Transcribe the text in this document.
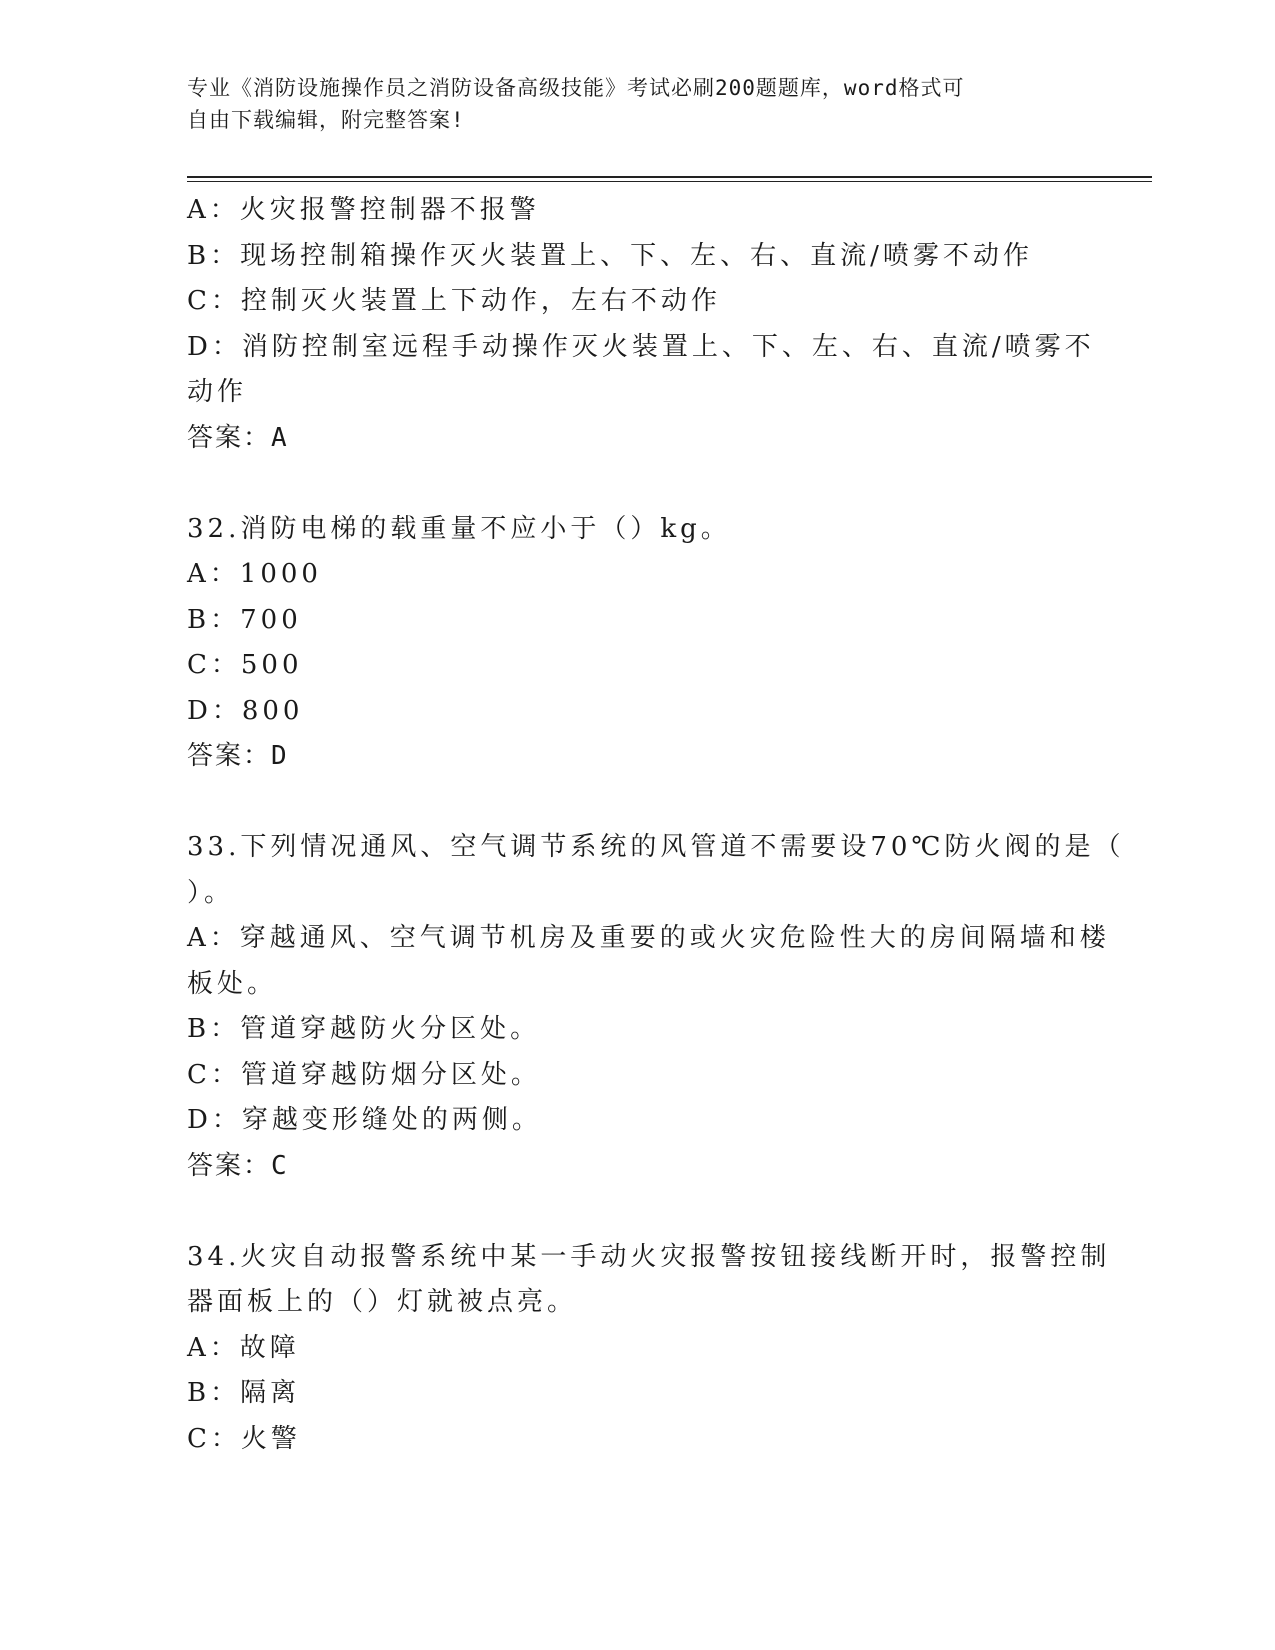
专业《消防设施操作员之消防设备高级技能》考试必刷200题题库，word格式可
自由下载编辑，附完整答案!
A：火灾报警控制器不报警
B：现场控制箱操作灭火装置上、下、左、右、直流/喷雾不动作
C：控制灭火装置上下动作，左右不动作
D：消防控制室远程手动操作灭火装置上、下、左、右、直流/喷雾不
动作
答案：A
32.消防电梯的载重量不应小于（）kg。
A：1000
B：700
C：500
D：800
答案：D
33.下列情况通风、空气调节系统的风管道不需要设70℃防火阀的是（
）。
A：穿越通风、空气调节机房及重要的或火灾危险性大的房间隔墙和楼
板处。
B：管道穿越防火分区处。
C：管道穿越防烟分区处。
D：穿越变形缝处的两侧。
答案：C
34.火灾自动报警系统中某一手动火灾报警按钮接线断开时，报警控制
器面板上的（）灯就被点亮。
A：故障
B：隔离
C：火警
